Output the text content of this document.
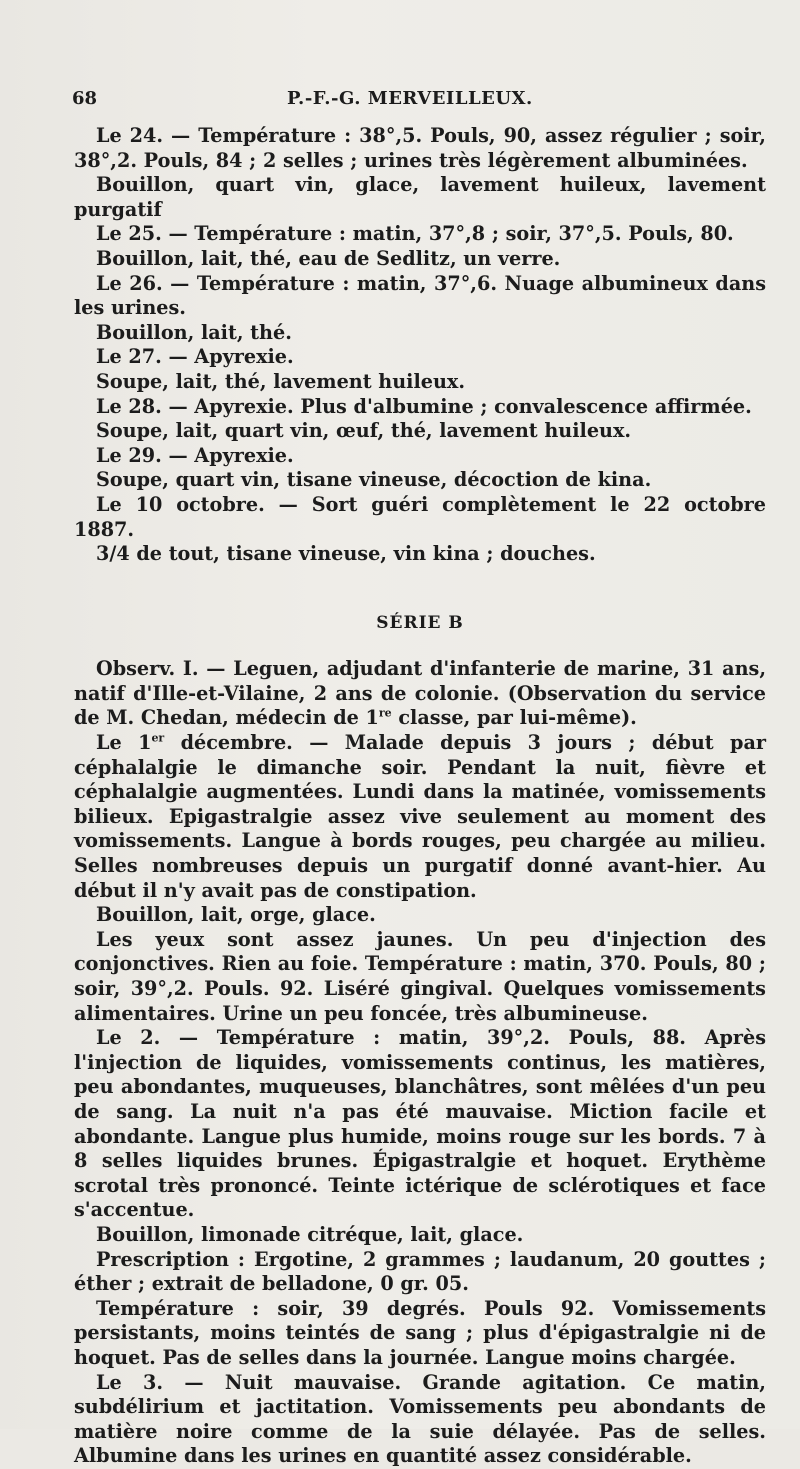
68	P.-F.-G. MERVEILLEUX.

Le 24. — Température : 38°,5. Pouls, 90, assez régulier ; soir, 38°,2. Pouls, 84 ; 2 selles ; urines très légèrement albuminées.

Bouillon, quart vin, glace, lavement huileux, lavement purgatif

Le 25. — Température : matin, 37°,8 ; soir, 37°,5. Pouls, 80.

Bouillon, lait, thé, eau de Sedlitz, un verre.

Le 26. — Température : matin, 37°,6. Nuage albumineux dans les urines.

Bouillon, lait, thé.

Le 27. — Apyrexie.

Soupe, lait, thé, lavement huileux.

Le 28. — Apyrexie. Plus d'albumine ; convalescence affirmée.

Soupe, lait, quart vin, œuf, thé, lavement huileux.

Le 29. — Apyrexie.

Soupe, quart vin, tisane vineuse, décoction de kina.

Le 10 octobre. — Sort guéri complètement le 22 octobre 1887.

3/4 de tout, tisane vineuse, vin kina ; douches.

SÉRIE B

Observ. I. — Leguen, adjudant d'infanterie de marine, 31 ans, natif d'Ille-et-Vilaine, 2 ans de colonie. (Observation du service de M. Chedan, médecin de 1re classe, par lui-même).

Le 1er décembre. — Malade depuis 3 jours ; début par céphalalgie le dimanche soir. Pendant la nuit, fièvre et céphalalgie augmentées. Lundi dans la matinée, vomissements bilieux. Epigastralgie assez vive seulement au moment des vomissements. Langue à bords rouges, peu chargée au milieu. Selles nombreuses depuis un purgatif donné avant-hier. Au début il n'y avait pas de constipation.

Bouillon, lait, orge, glace.

Les yeux sont assez jaunes. Un peu d'injection des conjonctives. Rien au foie. Température : matin, 370. Pouls, 80 ; soir, 39°,2. Pouls. 92. Liséré gingival. Quelques vomissements alimentaires. Urine un peu foncée, très albumineuse.

Le 2. — Température : matin, 39°,2. Pouls, 88. Après l'injection de liquides, vomissements continus, les matières, peu abondantes, muqueuses, blanchâtres, sont mêlées d'un peu de sang. La nuit n'a pas été mauvaise. Miction facile et abondante. Langue plus humide, moins rouge sur les bords. 7 à 8 selles liquides brunes. Épigastralgie et hoquet. Erythème scrotal très prononcé. Teinte ictérique de sclérotiques et face s'accentue.

Bouillon, limonade citréque, lait, glace.

Prescription : Ergotine, 2 grammes ; laudanum, 20 gouttes ; éther ; extrait de belladone, 0 gr. 05.

Température : soir, 39 degrés. Pouls 92. Vomissements persistants, moins teintés de sang ; plus d'épigastralgie ni de hoquet. Pas de selles dans la journée. Langue moins chargée.

Le 3. — Nuit mauvaise. Grande agitation. Ce matin, subdélirium et jactitation. Vomissements peu abondants de matière noire comme de la suie délayée. Pas de selles. Albumine dans les urines en quantité assez considérable.
